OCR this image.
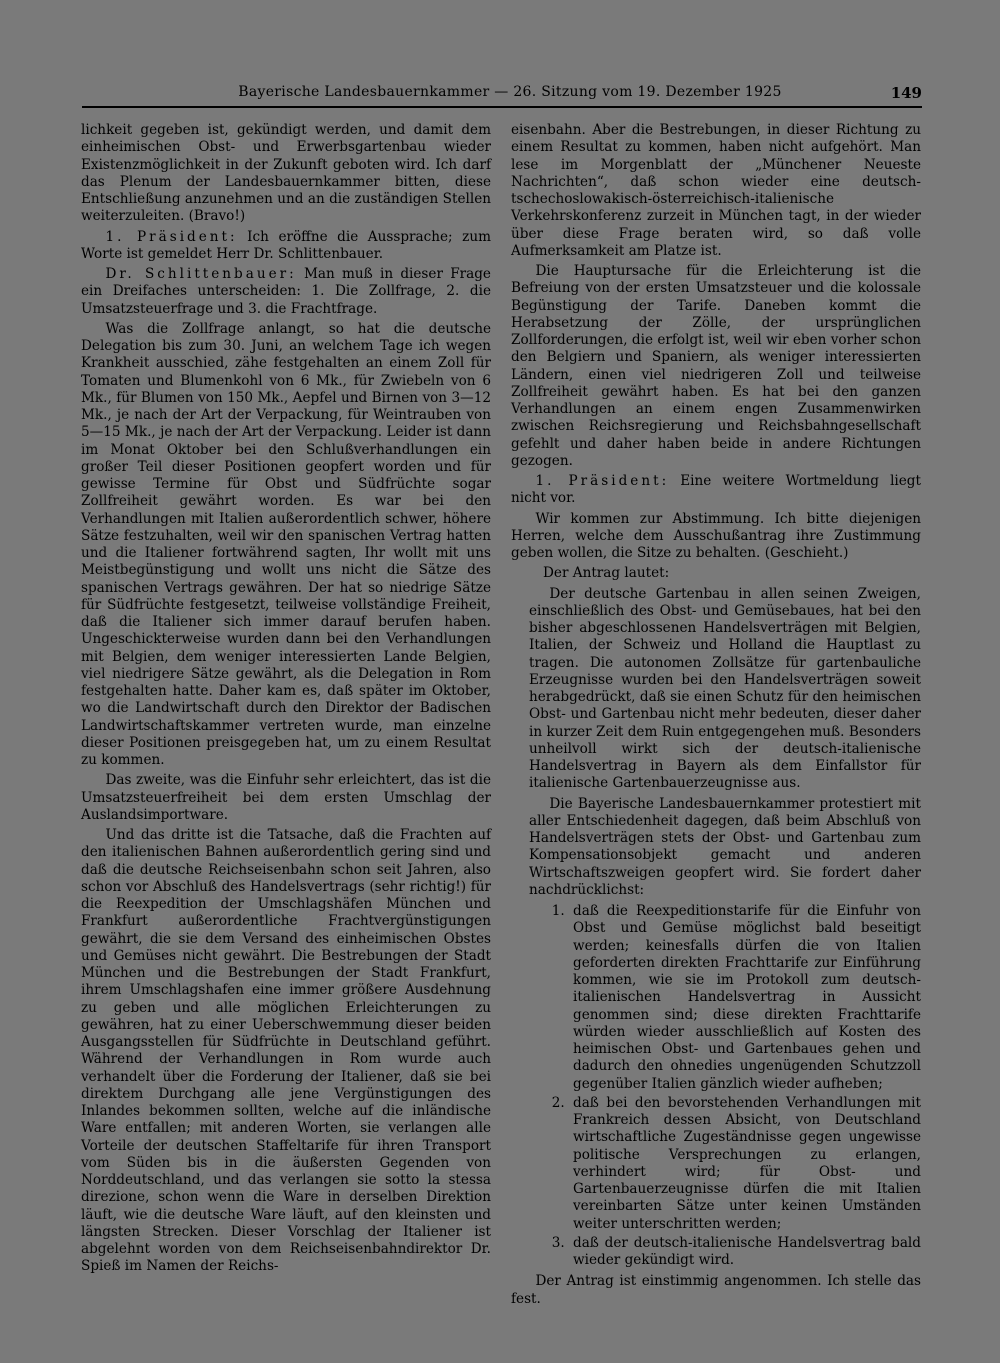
Bayerische Landesbauernkammer — 26. Sitzung vom 19. Dezember 1925	149

lichkeit gegeben ist, gekündigt werden, und damit dem einheimischen Obst- und Erwerbsgartenbau wieder Existenzmöglichkeit in der Zukunft geboten wird. Ich darf das Plenum der Landesbauernkammer bitten, diese Entschließung anzunehmen und an die zuständigen Stellen weiterzuleiten. (Bravo!)

1. Präsident: Ich eröffne die Aussprache; zum Worte ist gemeldet Herr Dr. Schlittenbauer.

Dr. Schlittenbauer: Man muß in dieser Frage ein Dreifaches unterscheiden: 1. Die Zollfrage, 2. die Umsatzsteuerfrage und 3. die Frachtfrage.

Was die Zollfrage anlangt, so hat die deutsche Delegation bis zum 30. Juni, an welchem Tage ich wegen Krankheit ausschied, zähe festgehalten an einem Zoll für Tomaten und Blumenkohl von 6 Mk., für Zwiebeln von 6 Mk., für Blumen von 150 Mk., Aepfel und Birnen von 3—12 Mk., je nach der Art der Verpackung, für Weintrauben von 5—15 Mk., je nach der Art der Verpackung. Leider ist dann im Monat Oktober bei den Schlußverhandlungen ein großer Teil dieser Positionen geopfert worden und für gewisse Termine für Obst und Südfrüchte sogar Zollfreiheit gewährt worden. Es war bei den Verhandlungen mit Italien außerordentlich schwer, höhere Sätze festzuhalten, weil wir den spanischen Vertrag hatten und die Italiener fortwährend sagten, Ihr wollt mit uns Meistbegünstigung und wollt uns nicht die Sätze des spanischen Vertrags gewähren. Der hat so niedrige Sätze für Südfrüchte festgesetzt, teilweise vollständige Freiheit, daß die Italiener sich immer darauf berufen haben. Ungeschickterweise wurden dann bei den Verhandlungen mit Belgien, dem weniger interessierten Lande Belgien, viel niedrigere Sätze gewährt, als die Delegation in Rom festgehalten hatte. Daher kam es, daß später im Oktober, wo die Landwirtschaft durch den Direktor der Badischen Landwirtschaftskammer vertreten wurde, man einzelne dieser Positionen preisgegeben hat, um zu einem Resultat zu kommen.

Das zweite, was die Einfuhr sehr erleichtert, das ist die Umsatzsteuerfreiheit bei dem ersten Umschlag der Auslandsimportware.

Und das dritte ist die Tatsache, daß die Frachten auf den italienischen Bahnen außerordentlich gering sind und daß die deutsche Reichseisenbahn schon seit Jahren, also schon vor Abschluß des Handelsvertrags (sehr richtig!) für die Reexpedition der Umschlagshäfen München und Frankfurt außerordentliche Frachtvergünstigungen gewährt, die sie dem Versand des einheimischen Obstes und Gemüses nicht gewährt. Die Bestrebungen der Stadt München und die Bestrebungen der Stadt Frankfurt, ihrem Umschlagshafen eine immer größere Ausdehnung zu geben und alle möglichen Erleichterungen zu gewähren, hat zu einer Ueberschwemmung dieser beiden Ausgangsstellen für Südfrüchte in Deutschland geführt. Während der Verhandlungen in Rom wurde auch verhandelt über die Forderung der Italiener, daß sie bei direktem Durchgang alle jene Vergünstigungen des Inlandes bekommen sollten, welche auf die inländische Ware entfallen; mit anderen Worten, sie verlangen alle Vorteile der deutschen Staffeltarife für ihren Transport vom Süden bis in die äußersten Gegenden von Norddeutschland, und das verlangen sie sotto la stessa direzione, schon wenn die Ware in derselben Direktion läuft, wie die deutsche Ware läuft, auf den kleinsten und längsten Strecken. Dieser Vorschlag der Italiener ist abgelehnt worden von dem Reichseisenbahndirektor Dr. Spieß im Namen der Reichs-

eisenbahn. Aber die Bestrebungen, in dieser Richtung zu einem Resultat zu kommen, haben nicht aufgehört. Man lese im Morgenblatt der „Münchener Neueste Nachrichten“, daß schon wieder eine deutsch-tschechoslowakisch-österreichisch-italienische Verkehrskonferenz zurzeit in München tagt, in der wieder über diese Frage beraten wird, so daß volle Aufmerksamkeit am Platze ist.

Die Hauptursache für die Erleichterung ist die Befreiung von der ersten Umsatzsteuer und die kolossale Begünstigung der Tarife. Daneben kommt die Herabsetzung der Zölle, der ursprünglichen Zollforderungen, die erfolgt ist, weil wir eben vorher schon den Belgiern und Spaniern, als weniger interessierten Ländern, einen viel niedrigeren Zoll und teilweise Zollfreiheit gewährt haben. Es hat bei den ganzen Verhandlungen an einem engen Zusammenwirken zwischen Reichsregierung und Reichsbahngesellschaft gefehlt und daher haben beide in andere Richtungen gezogen.

1. Präsident: Eine weitere Wortmeldung liegt nicht vor.

Wir kommen zur Abstimmung. Ich bitte diejenigen Herren, welche dem Ausschußantrag ihre Zustimmung geben wollen, die Sitze zu behalten. (Geschieht.)

Der Antrag lautet:

Der deutsche Gartenbau in allen seinen Zweigen, einschließlich des Obst- und Gemüsebaues, hat bei den bisher abgeschlossenen Handelsverträgen mit Belgien, Italien, der Schweiz und Holland die Hauptlast zu tragen. Die autonomen Zollsätze für gartenbauliche Erzeugnisse wurden bei den Handelsverträgen soweit herabgedrückt, daß sie einen Schutz für den heimischen Obst- und Gartenbau nicht mehr bedeuten, dieser daher in kurzer Zeit dem Ruin entgegengehen muß. Besonders unheilvoll wirkt sich der deutsch-italienische Handelsvertrag in Bayern als dem Einfallstor für italienische Gartenbauerzeugnisse aus.

Die Bayerische Landesbauernkammer protestiert mit aller Entschiedenheit dagegen, daß beim Abschluß von Handelsverträgen stets der Obst- und Gartenbau zum Kompensationsobjekt gemacht und anderen Wirtschaftszweigen geopfert wird. Sie fordert daher nachdrücklichst:

1. daß die Reexpeditionstarife für die Einfuhr von Obst und Gemüse möglichst bald beseitigt werden; keinesfalls dürfen die von Italien geforderten direkten Frachttarife zur Einführung kommen, wie sie im Protokoll zum deutsch-italienischen Handelsvertrag in Aussicht genommen sind; diese direkten Frachttarife würden wieder ausschließlich auf Kosten des heimischen Obst- und Gartenbaues gehen und dadurch den ohnedies ungenügenden Schutzzoll gegenüber Italien gänzlich wieder aufheben;
2. daß bei den bevorstehenden Verhandlungen mit Frankreich dessen Absicht, von Deutschland wirtschaftliche Zugeständnisse gegen ungewisse politische Versprechungen zu erlangen, verhindert wird; für Obst- und Gartenbauerzeugnisse dürfen die mit Italien vereinbarten Sätze unter keinen Umständen weiter unterschritten werden;
3. daß der deutsch-italienische Handelsvertrag bald wieder gekündigt wird.

Der Antrag ist einstimmig angenommen. Ich stelle das fest.
